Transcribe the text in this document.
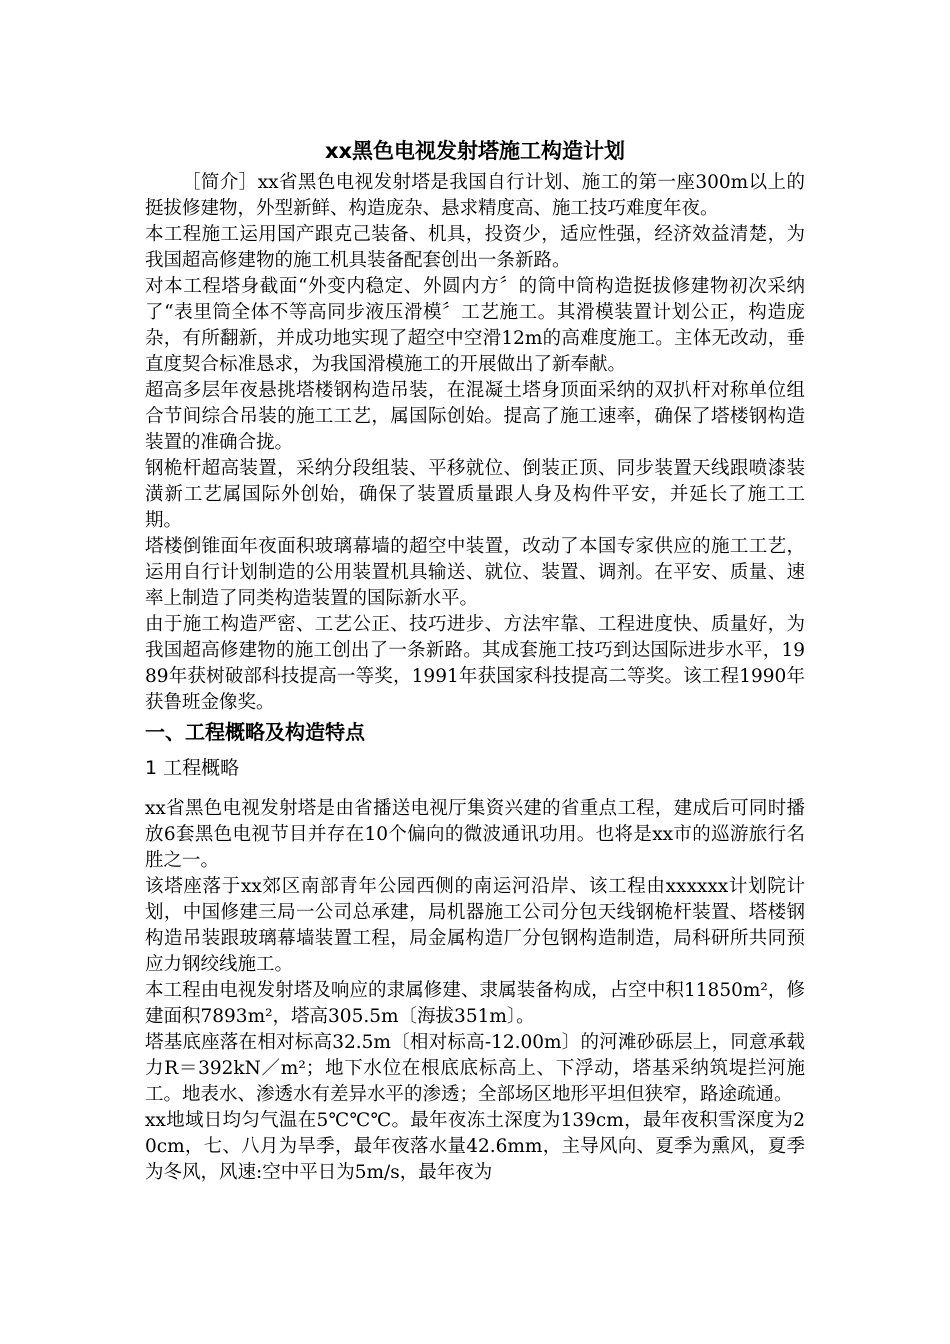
xx黑色电视发射塔施工构造计划

［简介］xx省黑色电视发射塔是我国自行计划、施工的第一座300m以上的挺拔修建物，外型新鲜、构造庞杂、悬求精度高、施工技巧难度年夜。

本工程施工运用国产跟克己装备、机具，投资少，适应性强，经济效益清楚，为我国超高修建物的施工机具装备配套创出一条新路。

对本工程塔身截面“外变内稳定、外圆内方〞的筒中筒构造挺拔修建物初次采纳了“表里筒全体不等高同步液压滑模〞工艺施工。其滑模装置计划公正，构造庞杂，有所翻新，并成功地实现了超空中空滑12m的高难度施工。主体无改动，垂直度契合标准恳求，为我国滑模施工的开展做出了新奉献。

超高多层年夜悬挑塔楼钢构造吊装，在混凝土塔身顶面采纳的双扒杆对称单位组合节间综合吊装的施工工艺，属国际创始。提高了施工速率，确保了塔楼钢构造装置的准确合拢。

钢桅杆超高装置，采纳分段组装、平移就位、倒装正顶、同步装置天线跟喷漆装潢新工艺属国际外创始，确保了装置质量跟人身及构件平安，并延长了施工工期。

塔楼倒锥面年夜面积玻璃幕墙的超空中装置，改动了本国专家供应的施工工艺，运用自行计划制造的公用装置机具输送、就位、装置、调剂。在平安、质量、速率上制造了同类构造装置的国际新水平。

由于施工构造严密、工艺公正、技巧进步、方法牢靠、工程进度快、质量好，为我国超高修建物的施工创出了一条新路。其成套施工技巧到达国际进步水平，1989年获树破部科技提高一等奖，1991年获国家科技提高二等奖。该工程1990年获鲁班金像奖。

一、工程概略及构造特点
1 工程概略

xx省黑色电视发射塔是由省播送电视厅集资兴建的省重点工程，建成后可同时播放6套黑色电视节目并存在10个偏向的微波通讯功用。也将是xx市的巡游旅行名胜之一。

该塔座落于xx郊区南部青年公园西侧的南运河沿岸、该工程由xxxxxx计划院计划，中国修建三局一公司总承建，局机器施工公司分包天线钢桅杆装置、塔楼钢构造吊装跟玻璃幕墙装置工程，局金属构造厂分包钢构造制造，局科研所共同预应力钢绞线施工。

本工程由电视发射塔及响应的隶属修建、隶属装备构成，占空中积11850m²，修建面积7893m²，塔高305.5m〔海拔351m〕。

塔基底座落在相对标高32.5m〔相对标高-12.00m〕的河滩砂砾层上，同意承载力R＝392kN／m²；地下水位在根底底标高上、下浮动，塔基采纳筑堤拦河施工。地表水、渗透水有差异水平的渗透；全部场区地形平坦但狭窄，路途疏通。

xx地域日均匀气温在5℃℃℃。最年夜冻土深度为139cm，最年夜积雪深度为20cm，七、八月为旱季，最年夜落水量42.6mm，主导风向、夏季为熏风，夏季为冬风，风速:空中平日为5m/s，最年夜为
